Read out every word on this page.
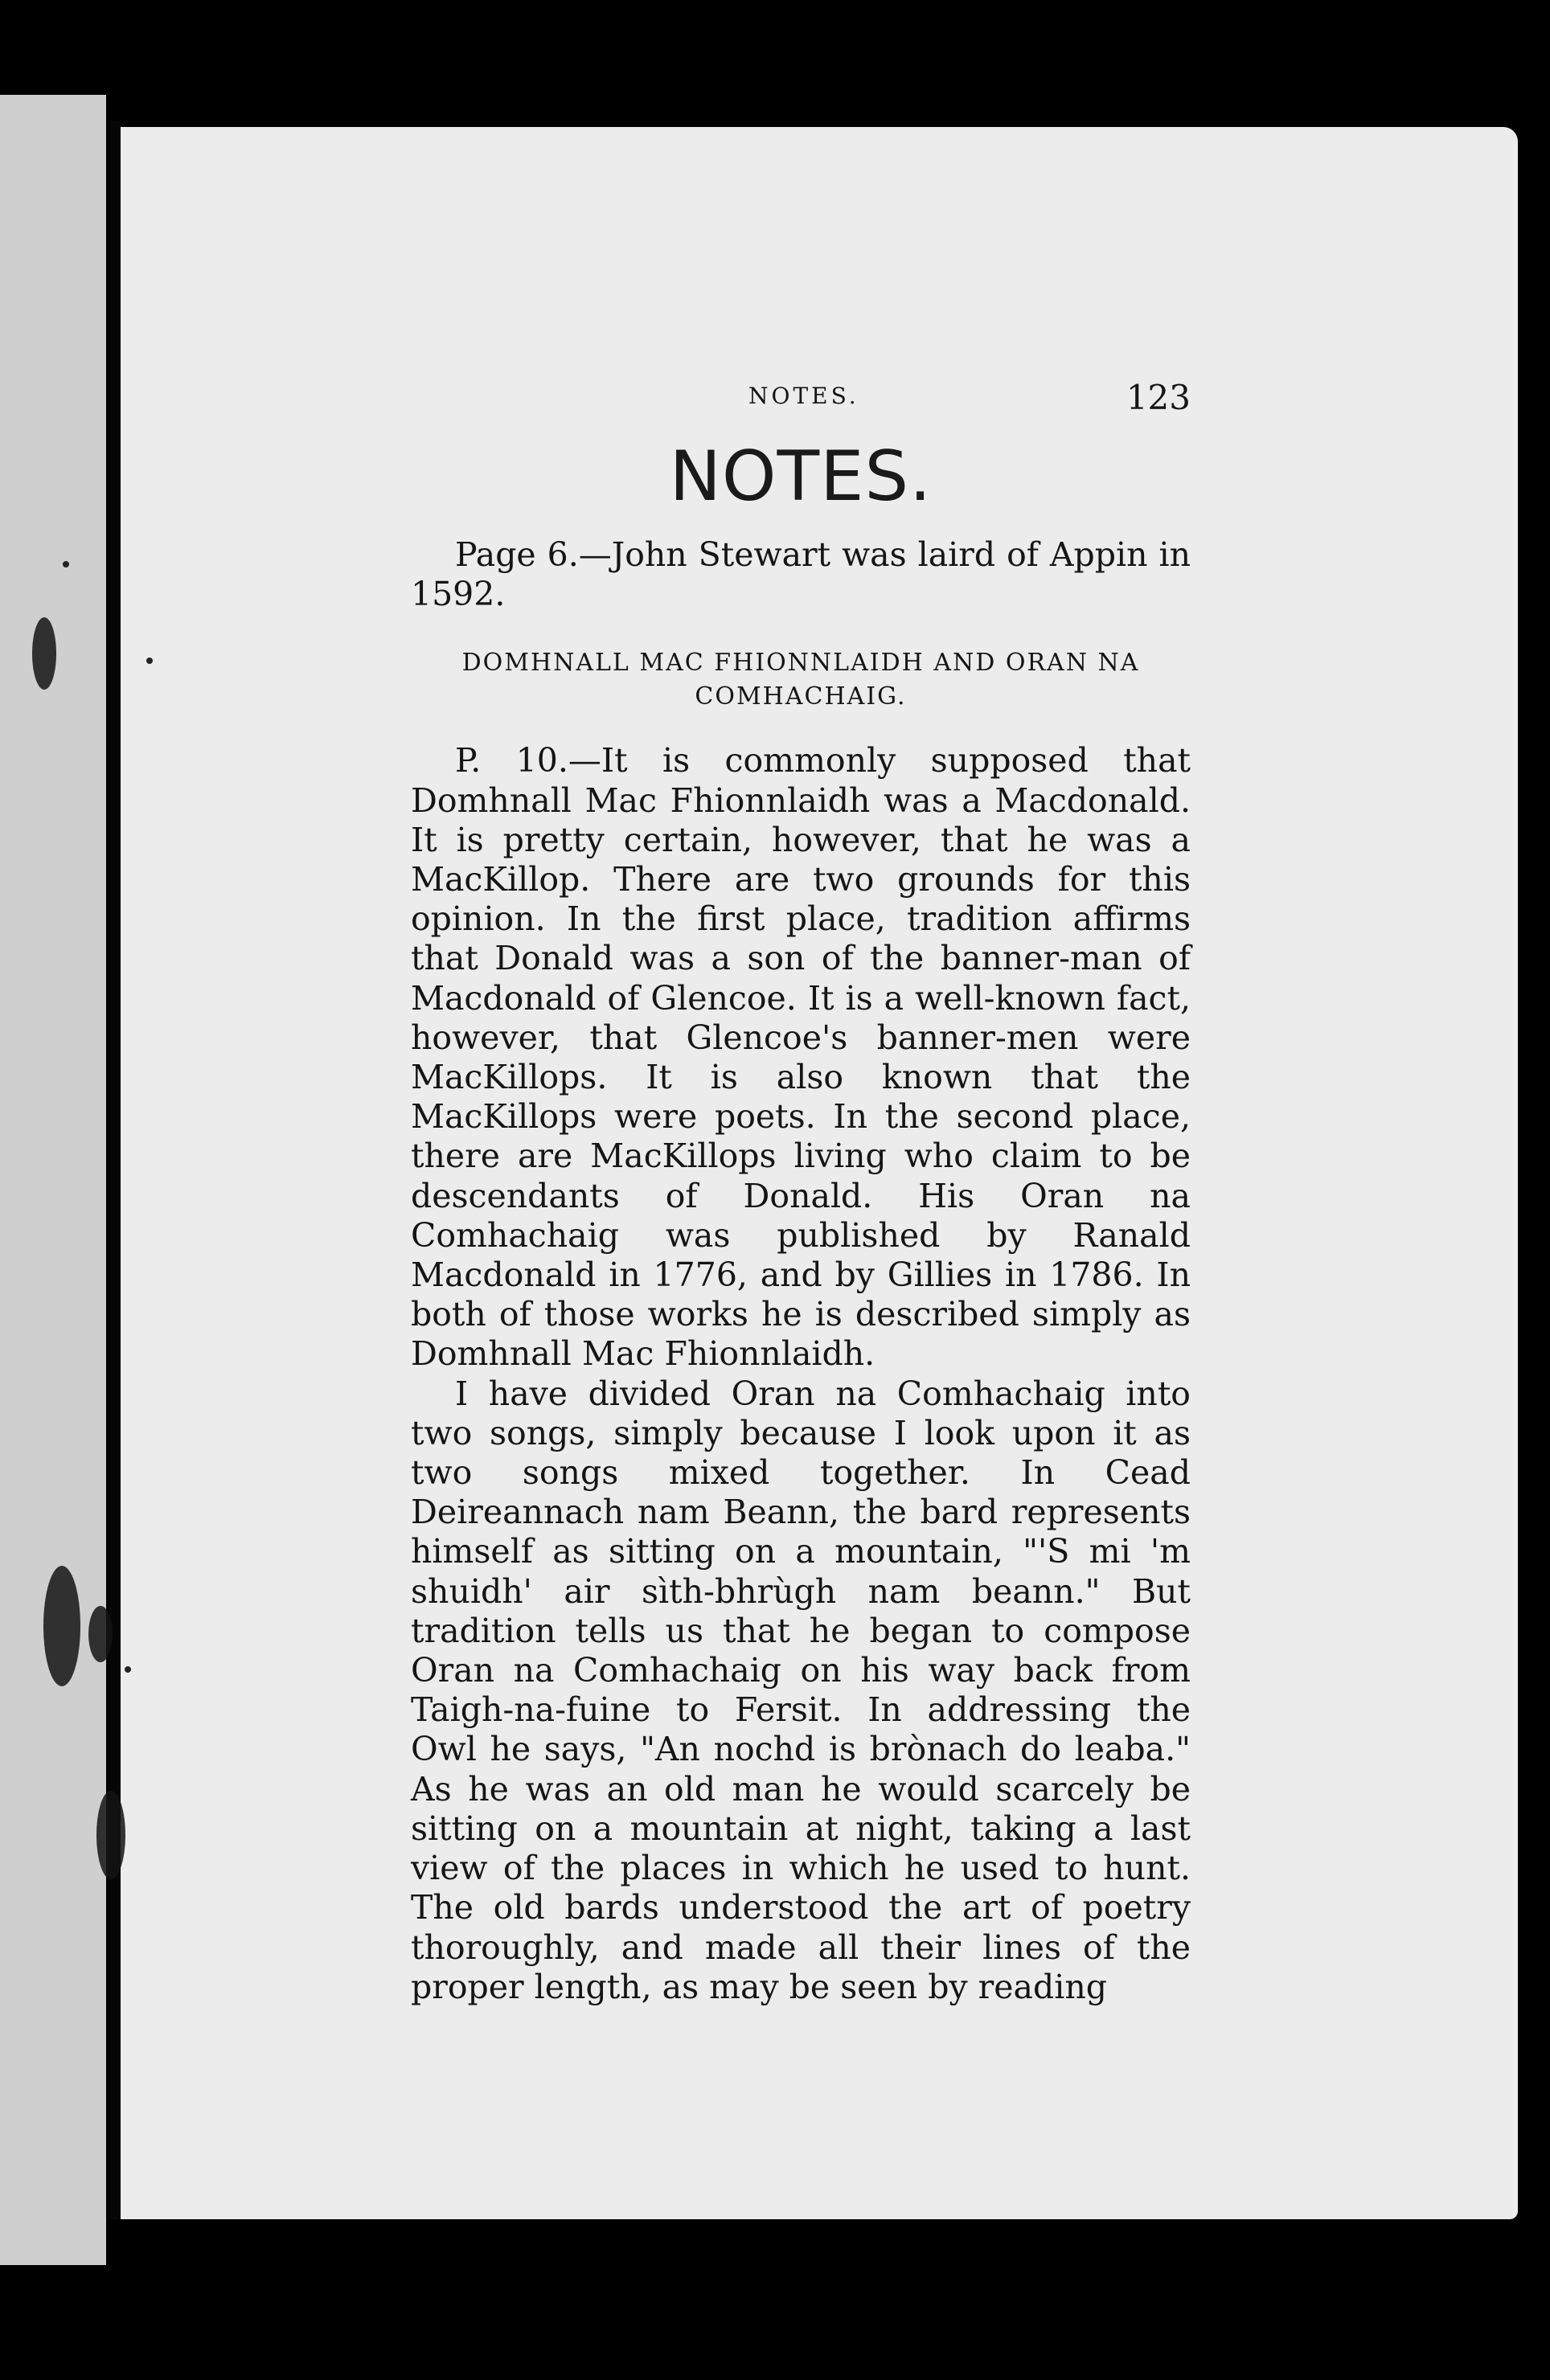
NOTES.	123
NOTES.

Page 6.—John Stewart was laird of Appin in 1592.

DOMHNALL MAC FHIONNLAIDH AND ORAN NA COMHACHAIG.

P. 10.—It is commonly supposed that Domhnall Mac Fhionnlaidh was a Macdonald. It is pretty certain, however, that he was a MacKillop. There are two grounds for this opinion. In the first place, tradition affirms that Donald was a son of the banner-man of Macdonald of Glencoe. It is a well-known fact, however, that Glencoe's banner-men were MacKillops. It is also known that the MacKillops were poets. In the second place, there are MacKillops living who claim to be descendants of Donald. His Oran na Comhachaig was published by Ranald Macdonald in 1776, and by Gillies in 1786. In both of those works he is described simply as Domhnall Mac Fhionnlaidh.

I have divided Oran na Comhachaig into two songs, simply because I look upon it as two songs mixed together. In Cead Deireannach nam Beann, the bard represents himself as sitting on a mountain, "'S mi 'm shuidh' air sìth-bhrùgh nam beann." But tradition tells us that he began to compose Oran na Comhachaig on his way back from Taigh-na-fuine to Fersit. In addressing the Owl he says, "An nochd is brònach do leaba." As he was an old man he would scarcely be sitting on a mountain at night, taking a last view of the places in which he used to hunt. The old bards understood the art of poetry thoroughly, and made all their lines of the proper length, as may be seen by reading
